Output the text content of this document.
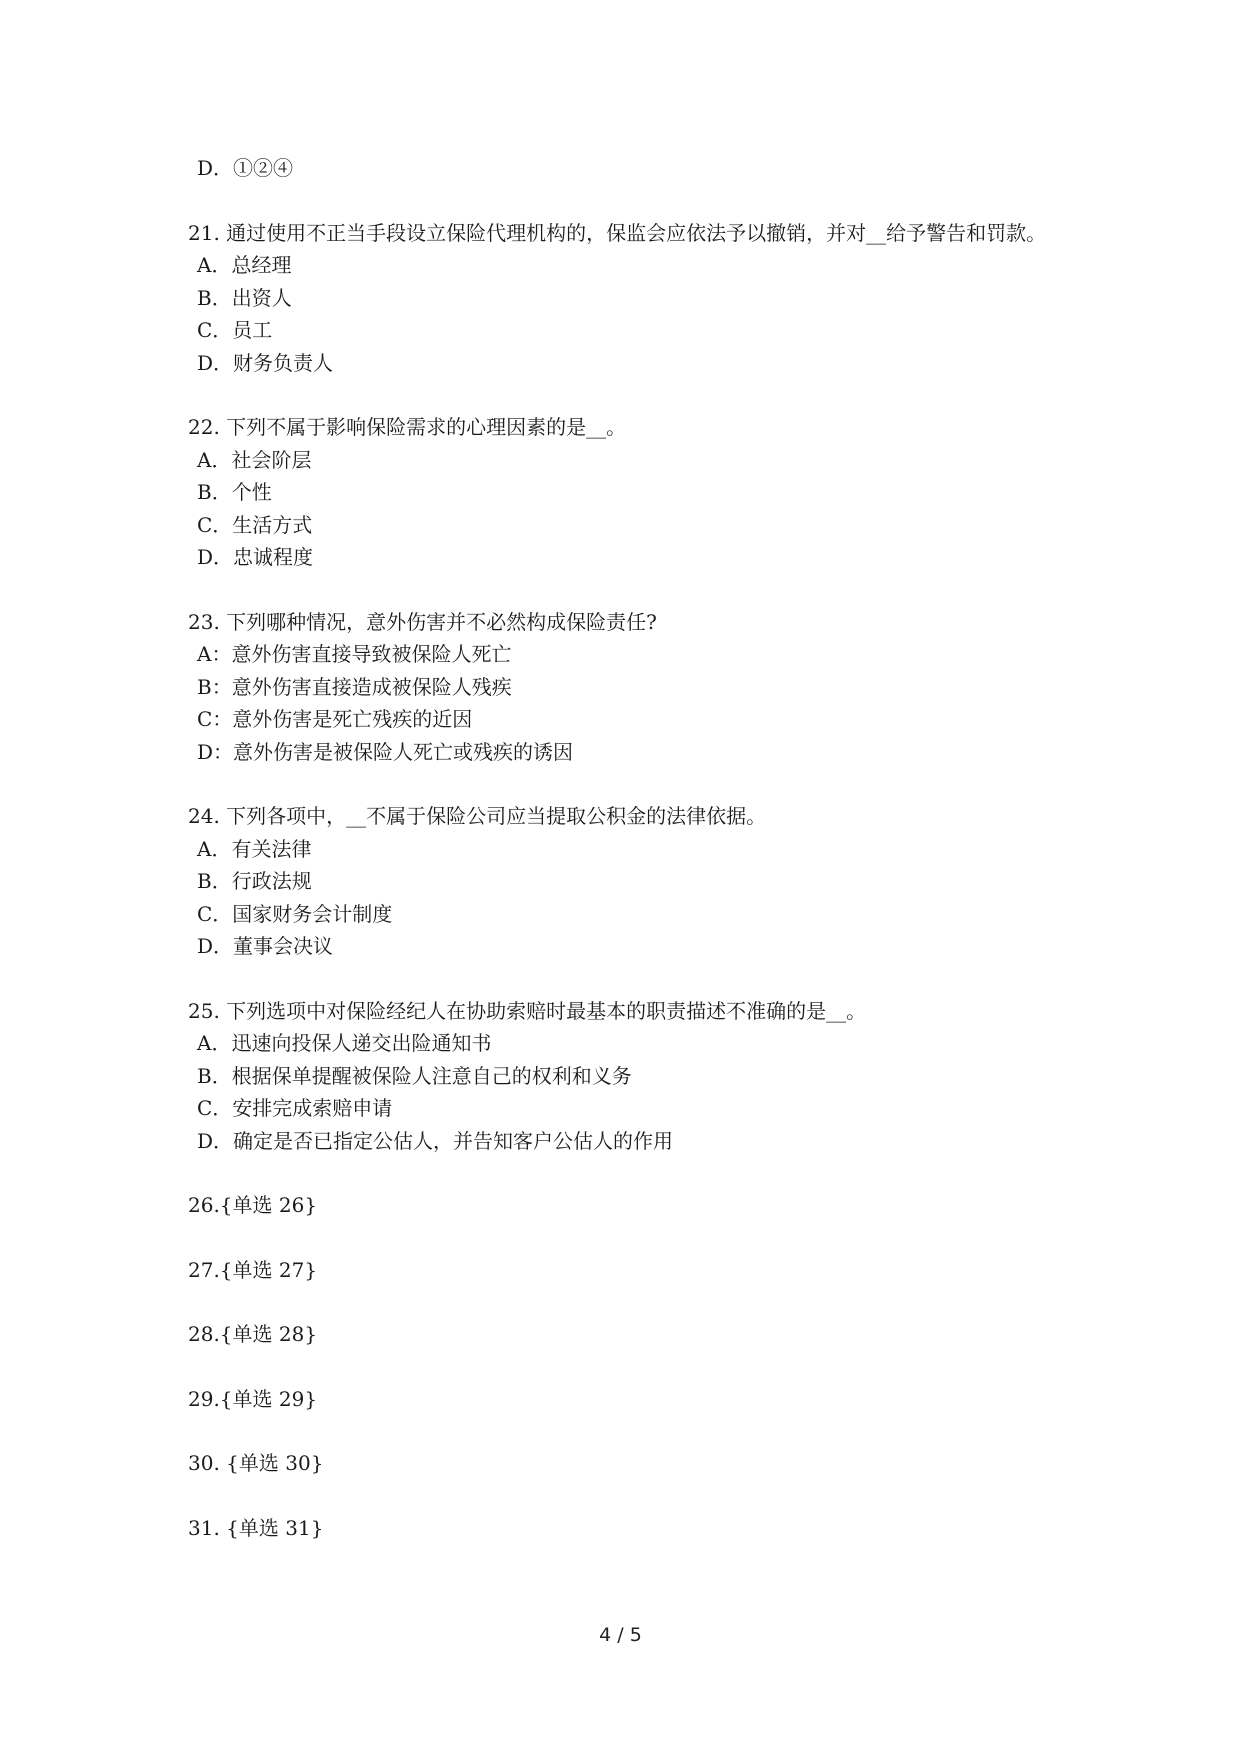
D．①②④
21. 通过使用不正当手段设立保险代理机构的，保监会应依法予以撤销，并对__给予警告和罚款。
A．总经理
B．出资人
C．员工
D．财务负责人
22. 下列不属于影响保险需求的心理因素的是__。
A．社会阶层
B．个性
C．生活方式
D．忠诚程度
23. 下列哪种情况，意外伤害并不必然构成保险责任?
A：意外伤害直接导致被保险人死亡
B：意外伤害直接造成被保险人残疾
C：意外伤害是死亡残疾的近因
D：意外伤害是被保险人死亡或残疾的诱因
24. 下列各项中，__不属于保险公司应当提取公积金的法律依据。
A．有关法律
B．行政法规
C．国家财务会计制度
D．董事会决议
25. 下列选项中对保险经纪人在协助索赔时最基本的职责描述不准确的是__。
A．迅速向投保人递交出险通知书
B．根据保单提醒被保险人注意自己的权利和义务
C．安排完成索赔申请
D．确定是否已指定公估人，并告知客户公估人的作用
26.{单选 26}
27.{单选 27}
28.{单选 28}
29.{单选 29}
30. {单选 30}
31. {单选 31}
4 / 5
